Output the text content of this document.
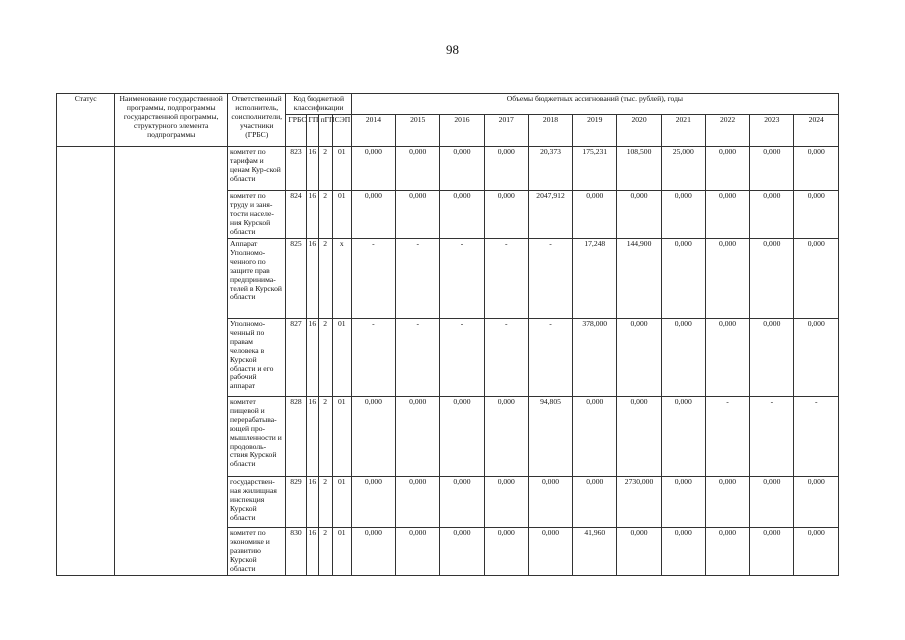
98
Статус	Наименование государственной программы, подпрограммы государственной программы, структурного элемента подпрограммы	Ответственный исполнитель, соисполнители, участники (ГРБС)	Код бюджетной классификации				Объемы бюджетных ассигнований (тыс. рублей), годы										
			ГРБС	ГП	пГП	СЭП	2014	2015	2016	2017	2018	2019	2020	2021	2022	2023	2024
		комитет по тарифам и ценам Кур-ской области	823	16	2	01	0,000	0,000	0,000	0,000	20,373	175,231	108,500	25,000	0,000	0,000	0,000
		комитет по труду и заня-тости населе-ния Курской области	824	16	2	01	0,000	0,000	0,000	0,000	2047,912	0,000	0,000	0,000	0,000	0,000	0,000
		Аппарат Уполномо-ченного по защите прав предпринима-телей в Курской области	825	16	2	х	-	-	-	-	-	17,248	144,900	0,000	0,000	0,000	0,000
		Уполномо-ченный по правам человека в Курской области и его рабочий аппарат	827	16	2	01	-	-	-	-	-	378,000	0,000	0,000	0,000	0,000	0,000
		комитет пищевой и перерабатыва-ющей про-мышленности и продоволь-ствия Курской области	828	16	2	01	0,000	0,000	0,000	0,000	94,805	0,000	0,000	0,000	-	-	-
		государствен-ная жилищная инспекция Курской области	829	16	2	01	0,000	0,000	0,000	0,000	0,000	0,000	2730,000	0,000	0,000	0,000	0,000
		комитет по экономике и развитию Курской области	830	16	2	01	0,000	0,000	0,000	0,000	0,000	41,960	0,000	0,000	0,000	0,000	0,000
